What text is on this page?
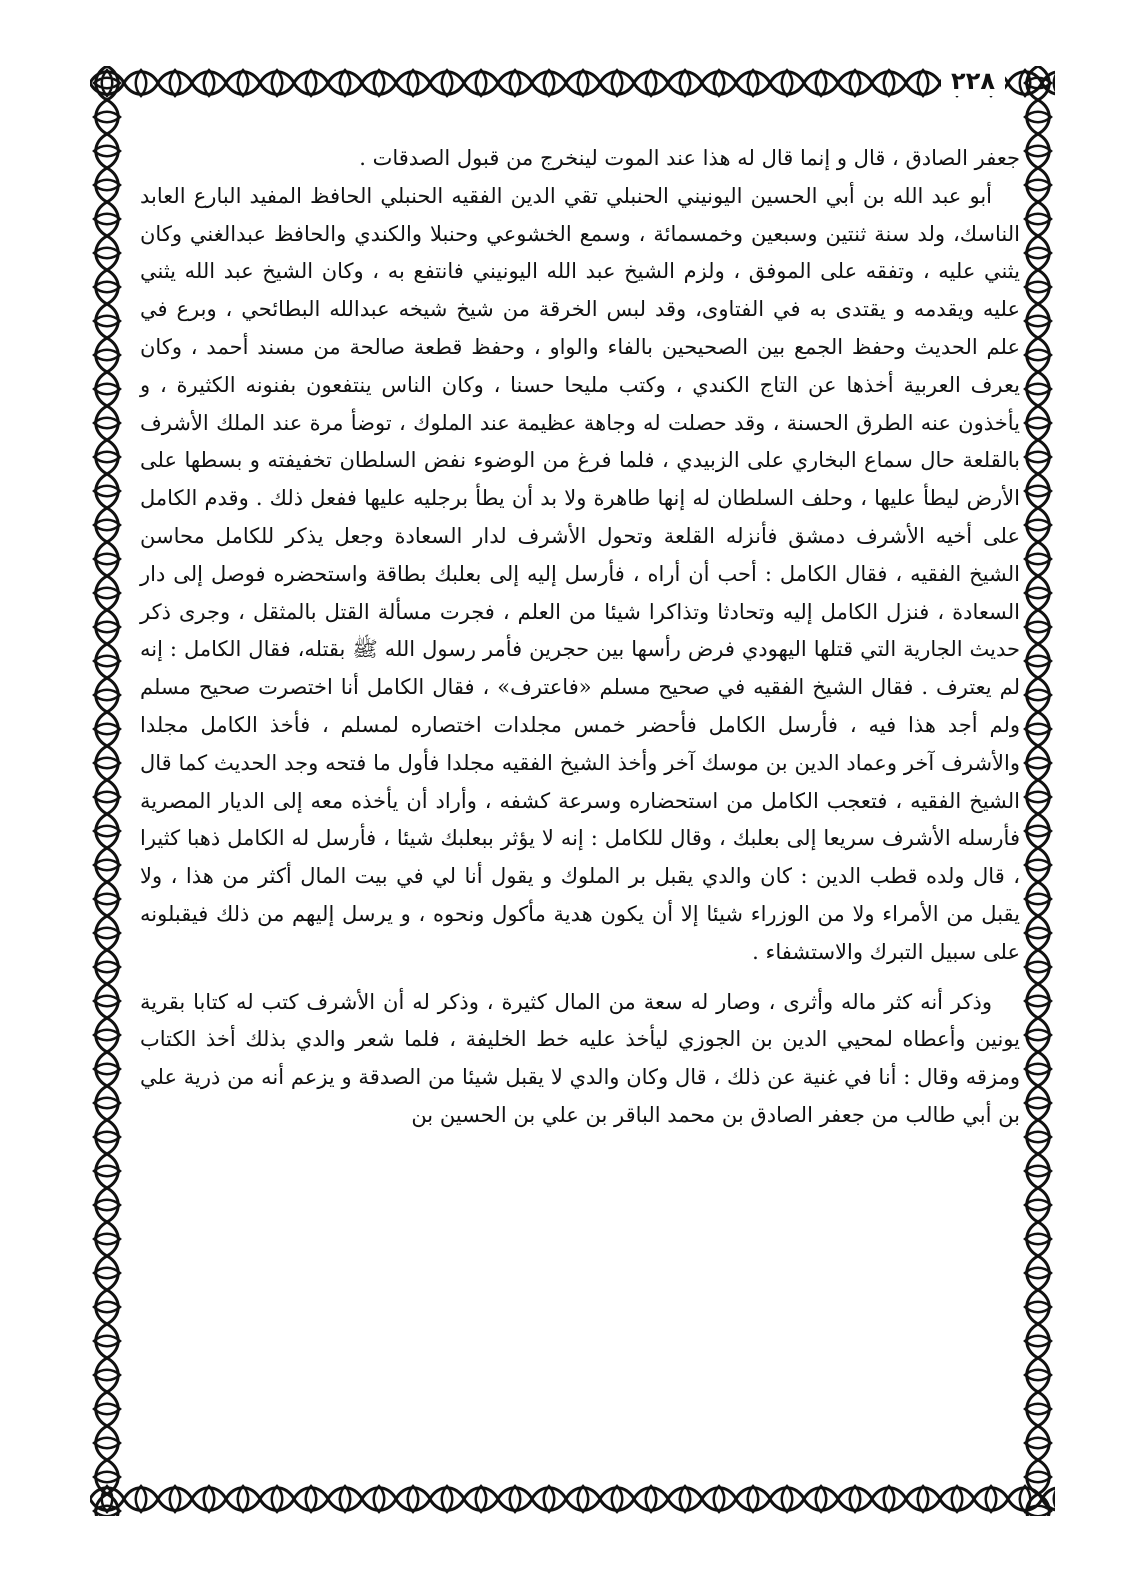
٢٢٨

جعفر الصادق ، قال و إنما قال له هذا عند الموت لينخرج من قبول الصدقات .

أبو عبد الله بن أبي الحسين اليونيني الحنبلي تقي الدين الفقيه الحنبلي الحافظ المفيد البارع العابد الناسك، ولد سنة ثنتين وسبعين وخمسمائة ، وسمع الخشوعي وحنبلا والكندي والحافظ عبدالغني وكان يثني عليه ، وتفقه على الموفق ، ولزم الشيخ عبد الله اليونيني فانتفع به ، وكان الشيخ عبد الله يثني عليه ويقدمه و يقتدى به في الفتاوى، وقد لبس الخرقة من شيخ شيخه عبدالله البطائحي ، وبرع في علم الحديث وحفظ الجمع بين الصحيحين بالفاء والواو ، وحفظ قطعة صالحة من مسند أحمد ، وكان يعرف العربية أخذها عن التاج الكندي ، وكتب مليحا حسنا ، وكان الناس ينتفعون بفنونه الكثيرة ، و يأخذون عنه الطرق الحسنة ، وقد حصلت له وجاهة عظيمة عند الملوك ، توضأ مرة عند الملك الأشرف بالقلعة حال سماع البخاري على الزبيدي ، فلما فرغ من الوضوء نفض السلطان تخفيفته و بسطها على الأرض ليطأ عليها ، وحلف السلطان له إنها طاهرة ولا بد أن يطأ برجليه عليها ففعل ذلك . وقدم الكامل على أخيه الأشرف دمشق فأنزله القلعة وتحول الأشرف لدار السعادة وجعل يذكر للكامل محاسن الشيخ الفقيه ، فقال الكامل : أحب أن أراه ، فأرسل إليه إلى بعلبك بطاقة واستحضره فوصل إلى دار السعادة ، فنزل الكامل إليه وتحادثا وتذاكرا شيئا من العلم ، فجرت مسألة القتل بالمثقل ، وجرى ذكر حديث الجارية التي قتلها اليهودي فرض رأسها بين حجرين فأمر رسول الله ﷺ بقتله، فقال الكامل : إنه لم يعترف . فقال الشيخ الفقيه في صحيح مسلم «فاعترف» ، فقال الكامل أنا اختصرت صحيح مسلم ولم أجد هذا فيه ، فأرسل الكامل فأحضر خمس مجلدات اختصاره لمسلم ، فأخذ الكامل مجلدا والأشرف آخر وعماد الدين بن موسك آخر وأخذ الشيخ الفقيه مجلدا فأول ما فتحه وجد الحديث كما قال الشيخ الفقيه ، فتعجب الكامل من استحضاره وسرعة كشفه ، وأراد أن يأخذه معه إلى الديار المصرية فأرسله الأشرف سريعا إلى بعلبك ، وقال للكامل : إنه لا يؤثر ببعلبك شيئا ، فأرسل له الكامل ذهبا كثيرا ، قال ولده قطب الدين : كان والدي يقبل بر الملوك و يقول أنا لي في بيت المال أكثر من هذا ، ولا يقبل من الأمراء ولا من الوزراء شيئا إلا أن يكون هدية مأكول ونحوه ، و يرسل إليهم من ذلك فيقبلونه على سبيل التبرك والاستشفاء .

وذكر أنه كثر ماله وأثرى ، وصار له سعة من المال كثيرة ، وذكر له أن الأشرف كتب له كتابا بقرية يونين وأعطاه لمحيي الدين بن الجوزي ليأخذ عليه خط الخليفة ، فلما شعر والدي بذلك أخذ الكتاب ومزقه وقال : أنا في غنية عن ذلك ، قال وكان والدي لا يقبل شيئا من الصدقة و يزعم أنه من ذرية علي بن أبي طالب من جعفر الصادق بن محمد الباقر بن علي بن الحسين بن
